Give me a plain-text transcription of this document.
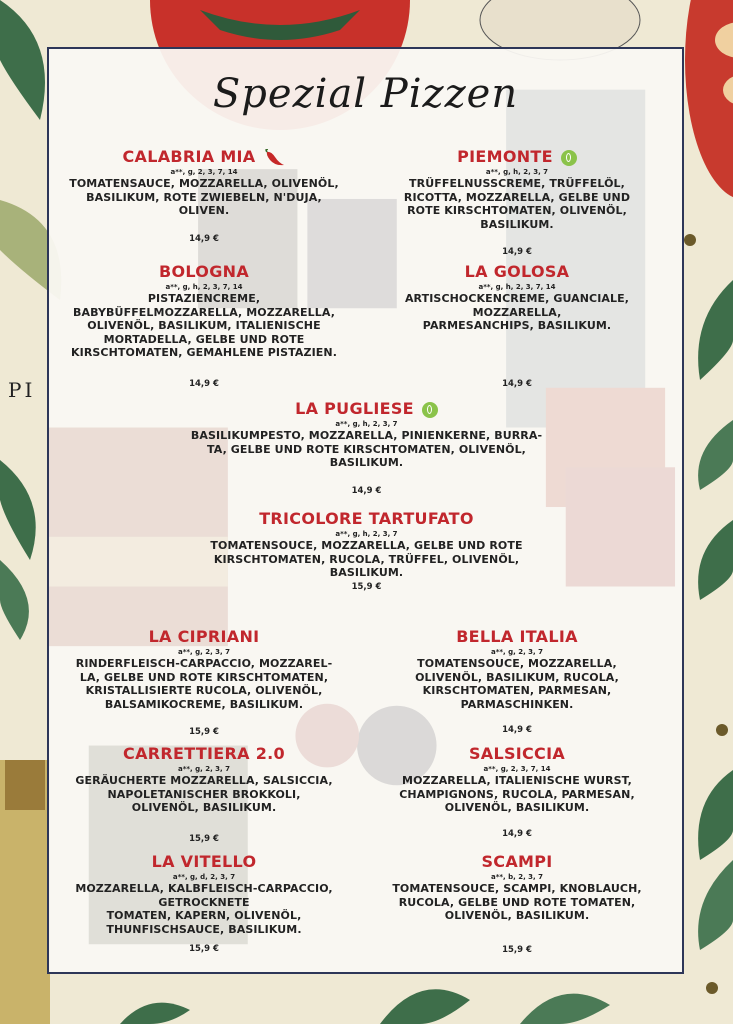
PI
Spezial Pizzen
CALABRIA MIA
a**, g, 2, 3, 7, 14
TOMATENSAUCE, MOZZARELLA, OLIVENÖL,
BASILIKUM, ROTE ZWIEBELN, N'DUJA,
OLIVEN.
14,9 €
PIEMONTE
a**, g, h, 2, 3, 7
TRÜFFELNUSSCREME, TRÜFFELÖL,
RICOTTA, MOZZARELLA, GELBE UND
ROTE KIRSCHTOMATEN, OLIVENÖL,
BASILIKUM.
14,9 €
BOLOGNA
a**, g, h, 2, 3, 7, 14
PISTAZIENCREME,
BABYBÜFFELMOZZARELLA, MOZZARELLA,
OLIVENÖL, BASILIKUM, ITALIENISCHE
MORTADELLA, GELBE UND ROTE
KIRSCHTOMATEN, GEMAHLENE PISTAZIEN.
14,9 €
LA GOLOSA
a**, g, h, 2, 3, 7, 14
ARTISCHOCKENCREME, GUANCIALE,
MOZZARELLA,
PARMESANCHIPS, BASILIKUM.
14,9 €
LA PUGLIESE
a**, g, h, 2, 3, 7
BASILIKUMPESTO, MOZZARELLA, PINIENKERNE, BURRA-
TA, GELBE UND ROTE KIRSCHTOMATEN, OLIVENÖL,
BASILIKUM.
14,9 €
TRICOLORE TARTUFATO
a**, g, h, 2, 3, 7
TOMATENSOUCE, MOZZARELLA, GELBE UND ROTE
KIRSCHTOMATEN, RUCOLA, TRÜFFEL, OLIVENÖL,
BASILIKUM.
15,9 €
LA CIPRIANI
a**, g, 2, 3, 7
RINDERFLEISCH-CARPACCIO, MOZZAREL-
LA, GELBE UND ROTE KIRSCHTOMATEN,
KRISTALLISIERTE RUCOLA, OLIVENÖL,
BALSAMIKOCREME, BASILIKUM.
15,9 €
BELLA ITALIA
a**, g, 2, 3, 7
TOMATENSOUCE, MOZZARELLA,
OLIVENÖL, BASILIKUM, RUCOLA,
KIRSCHTOMATEN, PARMESAN,
PARMASCHINKEN.
14,9 €
CARRETTIERA 2.0
a**, g, 2, 3, 7
GERÄUCHERTE MOZZARELLA, SALSICCIA,
NAPOLETANISCHER BROKKOLI,
OLIVENÖL, BASILIKUM.
15,9 €
SALSICCIA
a**, g, 2, 3, 7, 14
MOZZARELLA, ITALIENISCHE WURST,
CHAMPIGNONS, RUCOLA, PARMESAN,
OLIVENÖL, BASILIKUM.
14,9 €
LA VITELLO
a**, g, d, 2, 3, 7
MOZZARELLA, KALBFLEISCH-CARPACCIO,
GETROCKNETE
TOMATEN, KAPERN, OLIVENÖL,
THUNFISCHSAUCE, BASILIKUM.
15,9 €
SCAMPI
a**, b, 2, 3, 7
TOMATENSOUCE, SCAMPI, KNOBLAUCH,
RUCOLA, GELBE UND ROTE TOMATEN,
OLIVENÖL, BASILIKUM.
15,9 €
